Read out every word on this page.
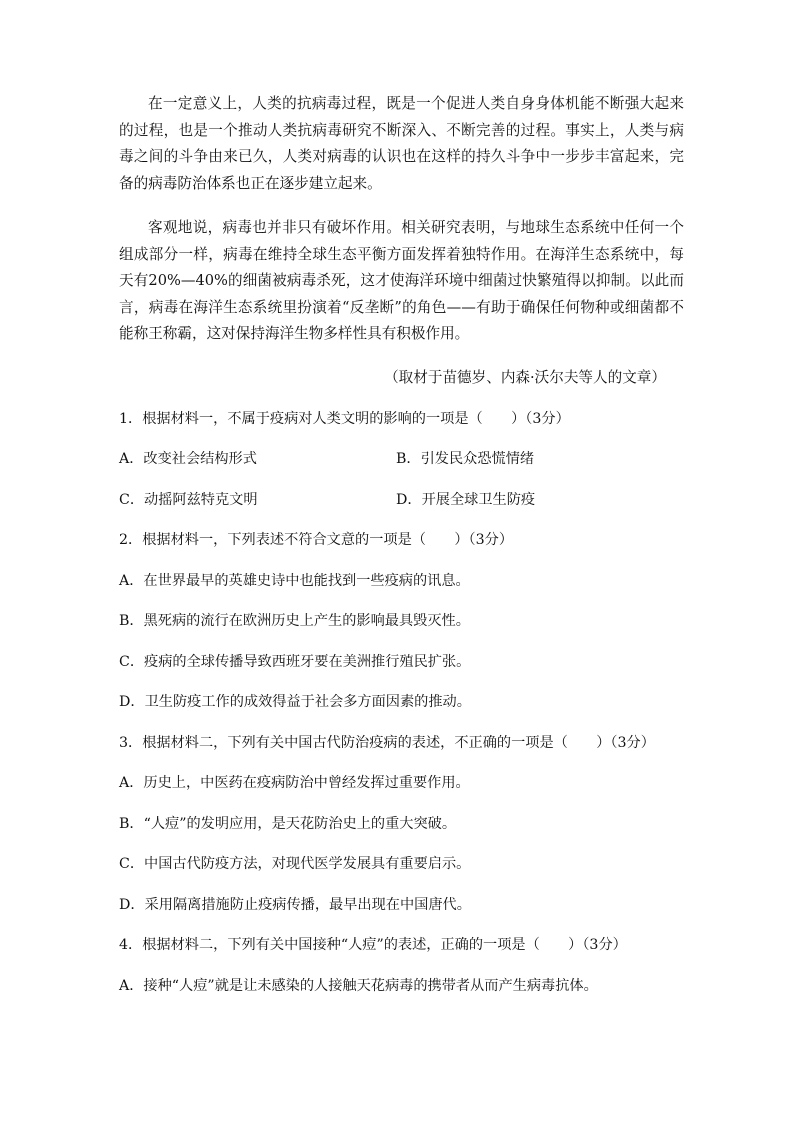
在一定意义上，人类的抗病毒过程，既是一个促进人类自身身体机能不断强大起来的过程，也是一个推动人类抗病毒研究不断深入、不断完善的过程。事实上，人类与病毒之间的斗争由来已久，人类对病毒的认识也在这样的持久斗争中一步步丰富起来，完备的病毒防治体系也正在逐步建立起来。

客观地说，病毒也并非只有破坏作用。相关研究表明，与地球生态系统中任何一个组成部分一样，病毒在维持全球生态平衡方面发挥着独特作用。在海洋生态系统中，每天有20%—40%的细菌被病毒杀死，这才使海洋环境中细菌过快繁殖得以抑制。以此而言，病毒在海洋生态系统里扮演着“反垄断”的角色——有助于确保任何物种或细菌都不能称王称霸，这对保持海洋生物多样性具有积极作用。

（取材于苗德岁、内森·沃尔夫等人的文章）

1．根据材料一，不属于疫病对人类文明的影响的一项是（　　）（3分）

A．改变社会结构形式	B．引发民众恐慌情绪

C．动摇阿兹特克文明	D．开展全球卫生防疫

2．根据材料一，下列表述不符合文意的一项是（　　）（3分）

A．在世界最早的英雄史诗中也能找到一些疫病的讯息。

B．黑死病的流行在欧洲历史上产生的影响最具毁灭性。

C．疫病的全球传播导致西班牙要在美洲推行殖民扩张。

D．卫生防疫工作的成效得益于社会多方面因素的推动。

3．根据材料二，下列有关中国古代防治疫病的表述，不正确的一项是（　　）（3分）

A．历史上，中医药在疫病防治中曾经发挥过重要作用。

B．“人痘”的发明应用，是天花防治史上的重大突破。

C．中国古代防疫方法，对现代医学发展具有重要启示。

D．采用隔离措施防止疫病传播，最早出现在中国唐代。

4．根据材料二，下列有关中国接种“人痘”的表述，正确的一项是（　　）（3分）

A．接种“人痘”就是让未感染的人接触天花病毒的携带者从而产生病毒抗体。
